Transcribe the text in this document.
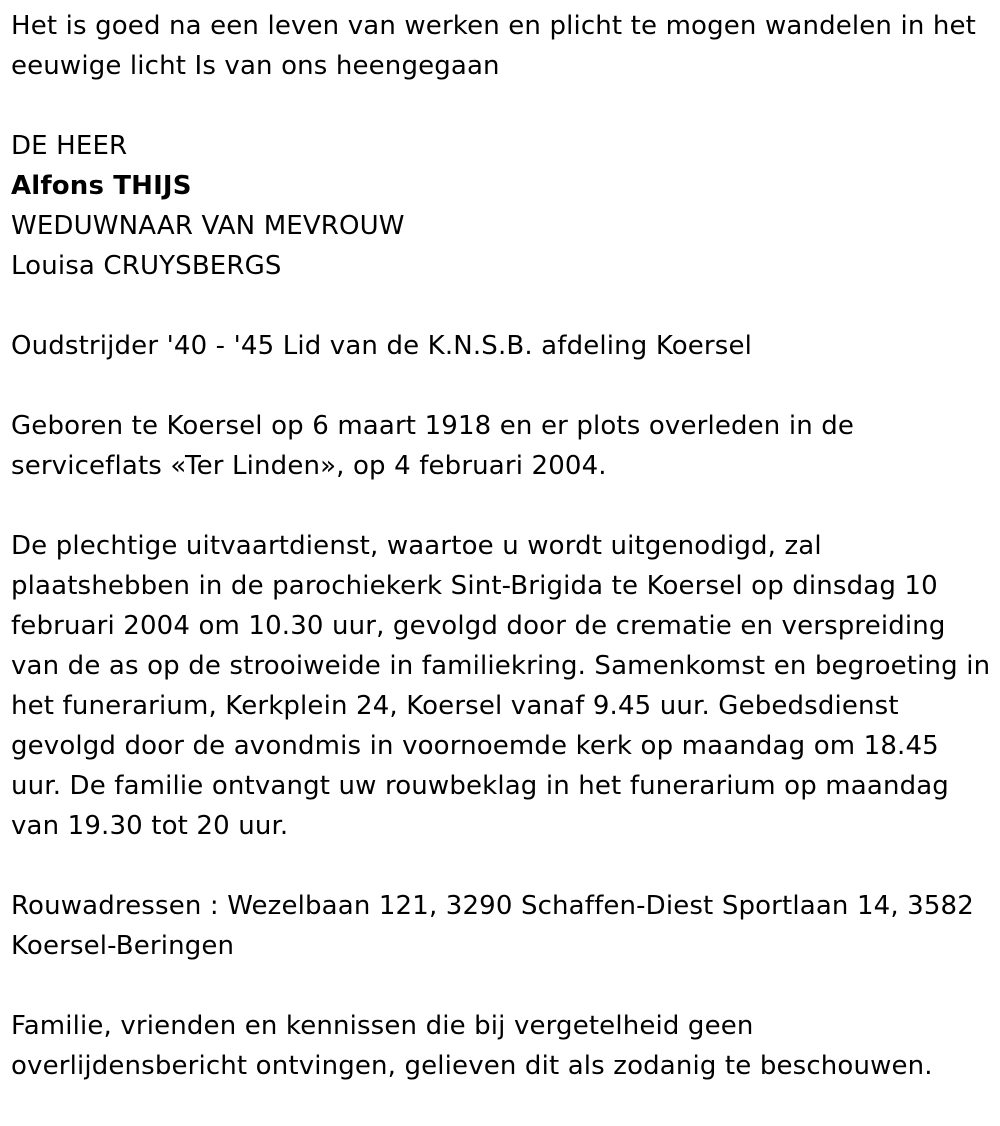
Het is goed na een leven van werken en plicht te mogen wandelen in het eeuwige licht Is van ons heengegaan

DE HEER

Alfons THIJS

WEDUWNAAR VAN MEVROUW

Louisa CRUYSBERGS

Oudstrijder '40 - '45 Lid van de K.N.S.B. afdeling Koersel

Geboren te Koersel op 6 maart 1918 en er plots overleden in de serviceflats «Ter Linden», op 4 februari 2004.

De plechtige uitvaartdienst, waartoe u wordt uitgenodigd, zal plaatshebben in de parochiekerk Sint-Brigida te Koersel op dinsdag 10 februari 2004 om 10.30 uur, gevolgd door de crematie en verspreiding van de as op de strooiweide in familiekring. Samenkomst en begroeting in het funerarium, Kerkplein 24, Koersel vanaf 9.45 uur. Gebedsdienst gevolgd door de avondmis in voornoemde kerk op maandag om 18.45 uur. De familie ontvangt uw rouwbeklag in het funerarium op maandag van 19.30 tot 20 uur.

Rouwadressen : Wezelbaan 121, 3290 Schaffen-Diest Sportlaan 14, 3582 Koersel-Beringen

Familie, vrienden en kennissen die bij vergetelheid geen overlijdensbericht ontvingen, gelieven dit als zodanig te beschouwen.
